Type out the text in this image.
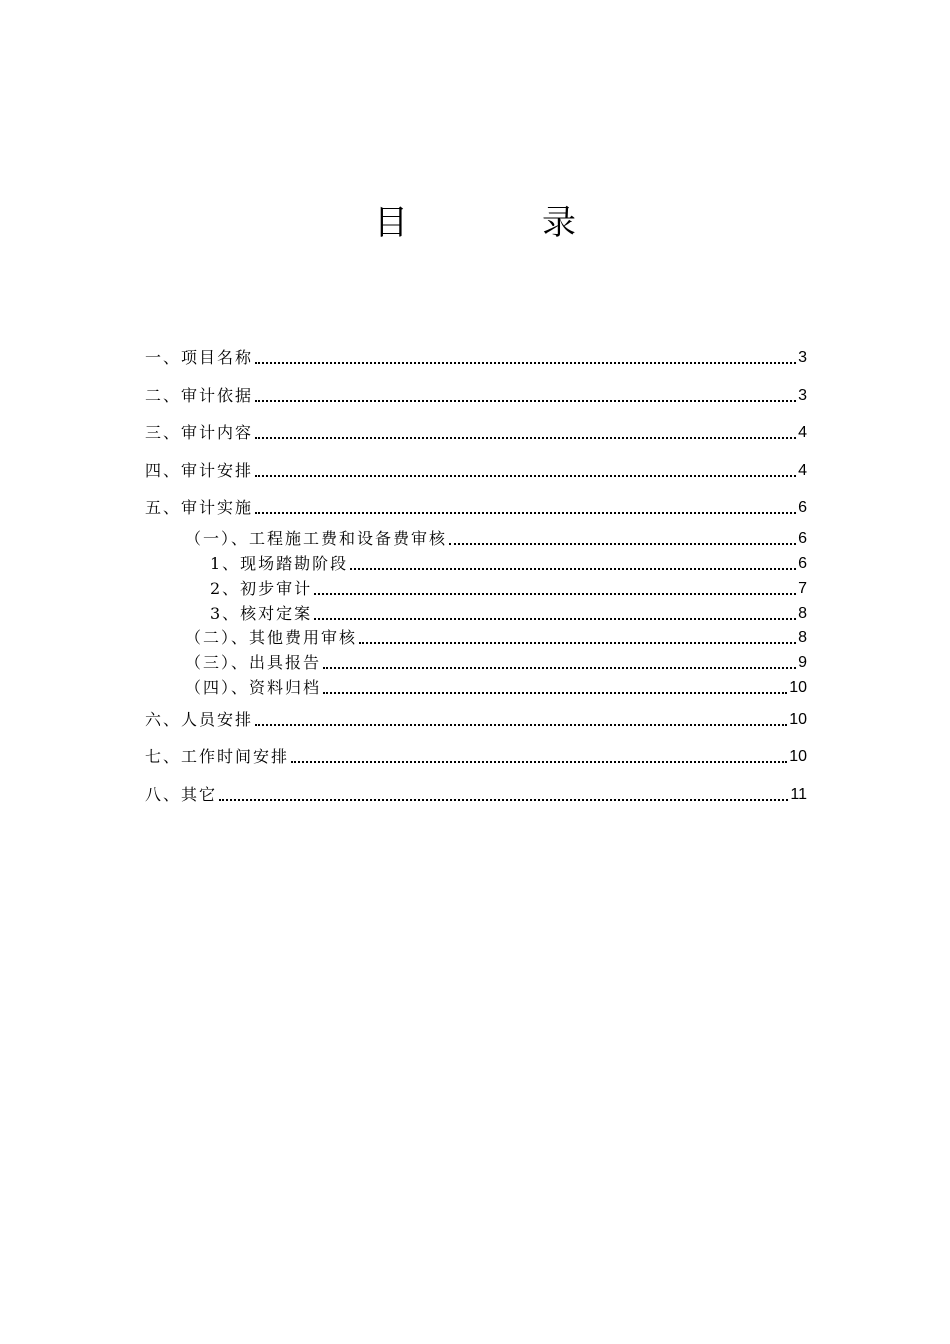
目　录
一、项目名称	3
二、审计依据	3
三、审计内容	4
四、审计安排	4
五、审计实施	6
（一）、工程施工费和设备费审核	6
1、现场踏勘阶段	6
2、初步审计	7
3、核对定案	8
（二）、其他费用审核	8
（三）、出具报告	9
（四）、资料归档	10
六、人员安排	10
七、工作时间安排	10
八、其它	11
